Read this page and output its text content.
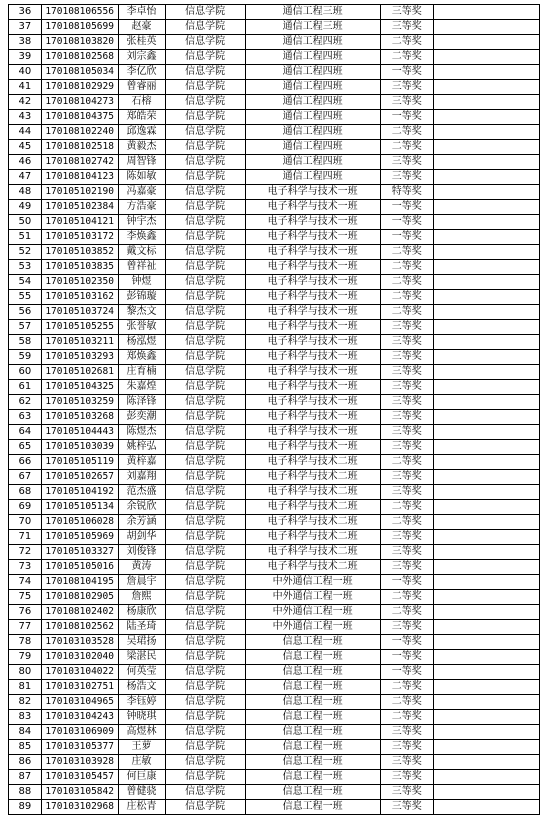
36	170108106556	李卓怡	信息学院	通信工程三班	三等奖	
37	170108105699	赵豪	信息学院	通信工程三班	三等奖	
38	170108103820	张桂英	信息学院	通信工程四班	二等奖	
39	170108102568	刘宗鑫	信息学院	通信工程四班	二等奖	
40	170108105034	李亿欣	信息学院	通信工程四班	一等奖	
41	170108102929	曾睿丽	信息学院	通信工程四班	三等奖	
42	170108104273	石榕	信息学院	通信工程四班	三等奖	
43	170108104375	郑皓荣	信息学院	通信工程四班	一等奖	
44	170108102240	邱逸霖	信息学院	通信工程四班	二等奖	
45	170108102518	黄毅杰	信息学院	通信工程四班	二等奖	
46	170108102742	周智锋	信息学院	通信工程四班	三等奖	
47	170108104123	陈如敏	信息学院	通信工程四班	三等奖	
48	170105102190	冯嘉豪	信息学院	电子科学与技术一班	特等奖	
49	170105102384	方浩豪	信息学院	电子科学与技术一班	一等奖	
50	170105104121	钟宇杰	信息学院	电子科学与技术一班	一等奖	
51	170105103172	李焕鑫	信息学院	电子科学与技术一班	一等奖	
52	170105103852	戴文标	信息学院	电子科学与技术一班	二等奖	
53	170105103835	曾祥祉	信息学院	电子科学与技术一班	二等奖	
54	170105102350	钟煜	信息学院	电子科学与技术一班	二等奖	
55	170105103162	彭锦璇	信息学院	电子科学与技术一班	二等奖	
56	170105103724	黎杰文	信息学院	电子科学与技术一班	二等奖	
57	170105105255	张誉敏	信息学院	电子科学与技术一班	三等奖	
58	170105103211	杨泓煜	信息学院	电子科学与技术一班	三等奖	
59	170105103293	郑焕鑫	信息学院	电子科学与技术一班	三等奖	
60	170105102681	庄育楠	信息学院	电子科学与技术一班	三等奖	
61	170105104325	朱嘉煌	信息学院	电子科学与技术一班	三等奖	
62	170105103259	陈泽锋	信息学院	电子科学与技术一班	三等奖	
63	170105103268	彭奕潮	信息学院	电子科学与技术一班	三等奖	
64	170105104443	陈煜杰	信息学院	电子科学与技术一班	三等奖	
65	170105103039	姚梓弘	信息学院	电子科学与技术一班	三等奖	
66	170105105119	黄梓嘉	信息学院	电子科学与技术二班	二等奖	
67	170105102657	刘嘉翔	信息学院	电子科学与技术二班	三等奖	
68	170105104192	范杰盛	信息学院	电子科学与技术二班	三等奖	
69	170105105134	余锐欣	信息学院	电子科学与技术二班	二等奖	
70	170105106028	余芳涵	信息学院	电子科学与技术二班	二等奖	
71	170105105969	胡剑华	信息学院	电子科学与技术二班	三等奖	
72	170105103327	刘俊锋	信息学院	电子科学与技术二班	三等奖	
73	170105105016	黄涛	信息学院	电子科学与技术二班	三等奖	
74	170108104195	詹晨宇	信息学院	中外通信工程一班	一等奖	
75	170108102905	詹熙	信息学院	中外通信工程一班	二等奖	
76	170108102402	杨康欣	信息学院	中外通信工程一班	二等奖	
77	170108102562	陆圣琦	信息学院	中外通信工程一班	三等奖	
78	170103103528	吴珺扬	信息学院	信息工程一班	一等奖	
79	170103102040	梁湛民	信息学院	信息工程一班	一等奖	
80	170103104022	何英莹	信息学院	信息工程一班	一等奖	
81	170103102751	杨浩文	信息学院	信息工程一班	二等奖	
82	170103104965	李钰婷	信息学院	信息工程一班	二等奖	
83	170103104243	钟晓琪	信息学院	信息工程一班	二等奖	
84	170103106909	高煜林	信息学院	信息工程一班	三等奖	
85	170103105377	王萝	信息学院	信息工程一班	三等奖	
86	170103103928	庄敏	信息学院	信息工程一班	三等奖	
87	170103105457	何巨康	信息学院	信息工程一班	三等奖	
88	170103105842	曾健骁	信息学院	信息工程一班	三等奖	
89	170103102968	庄松青	信息学院	信息工程一班	三等奖	
